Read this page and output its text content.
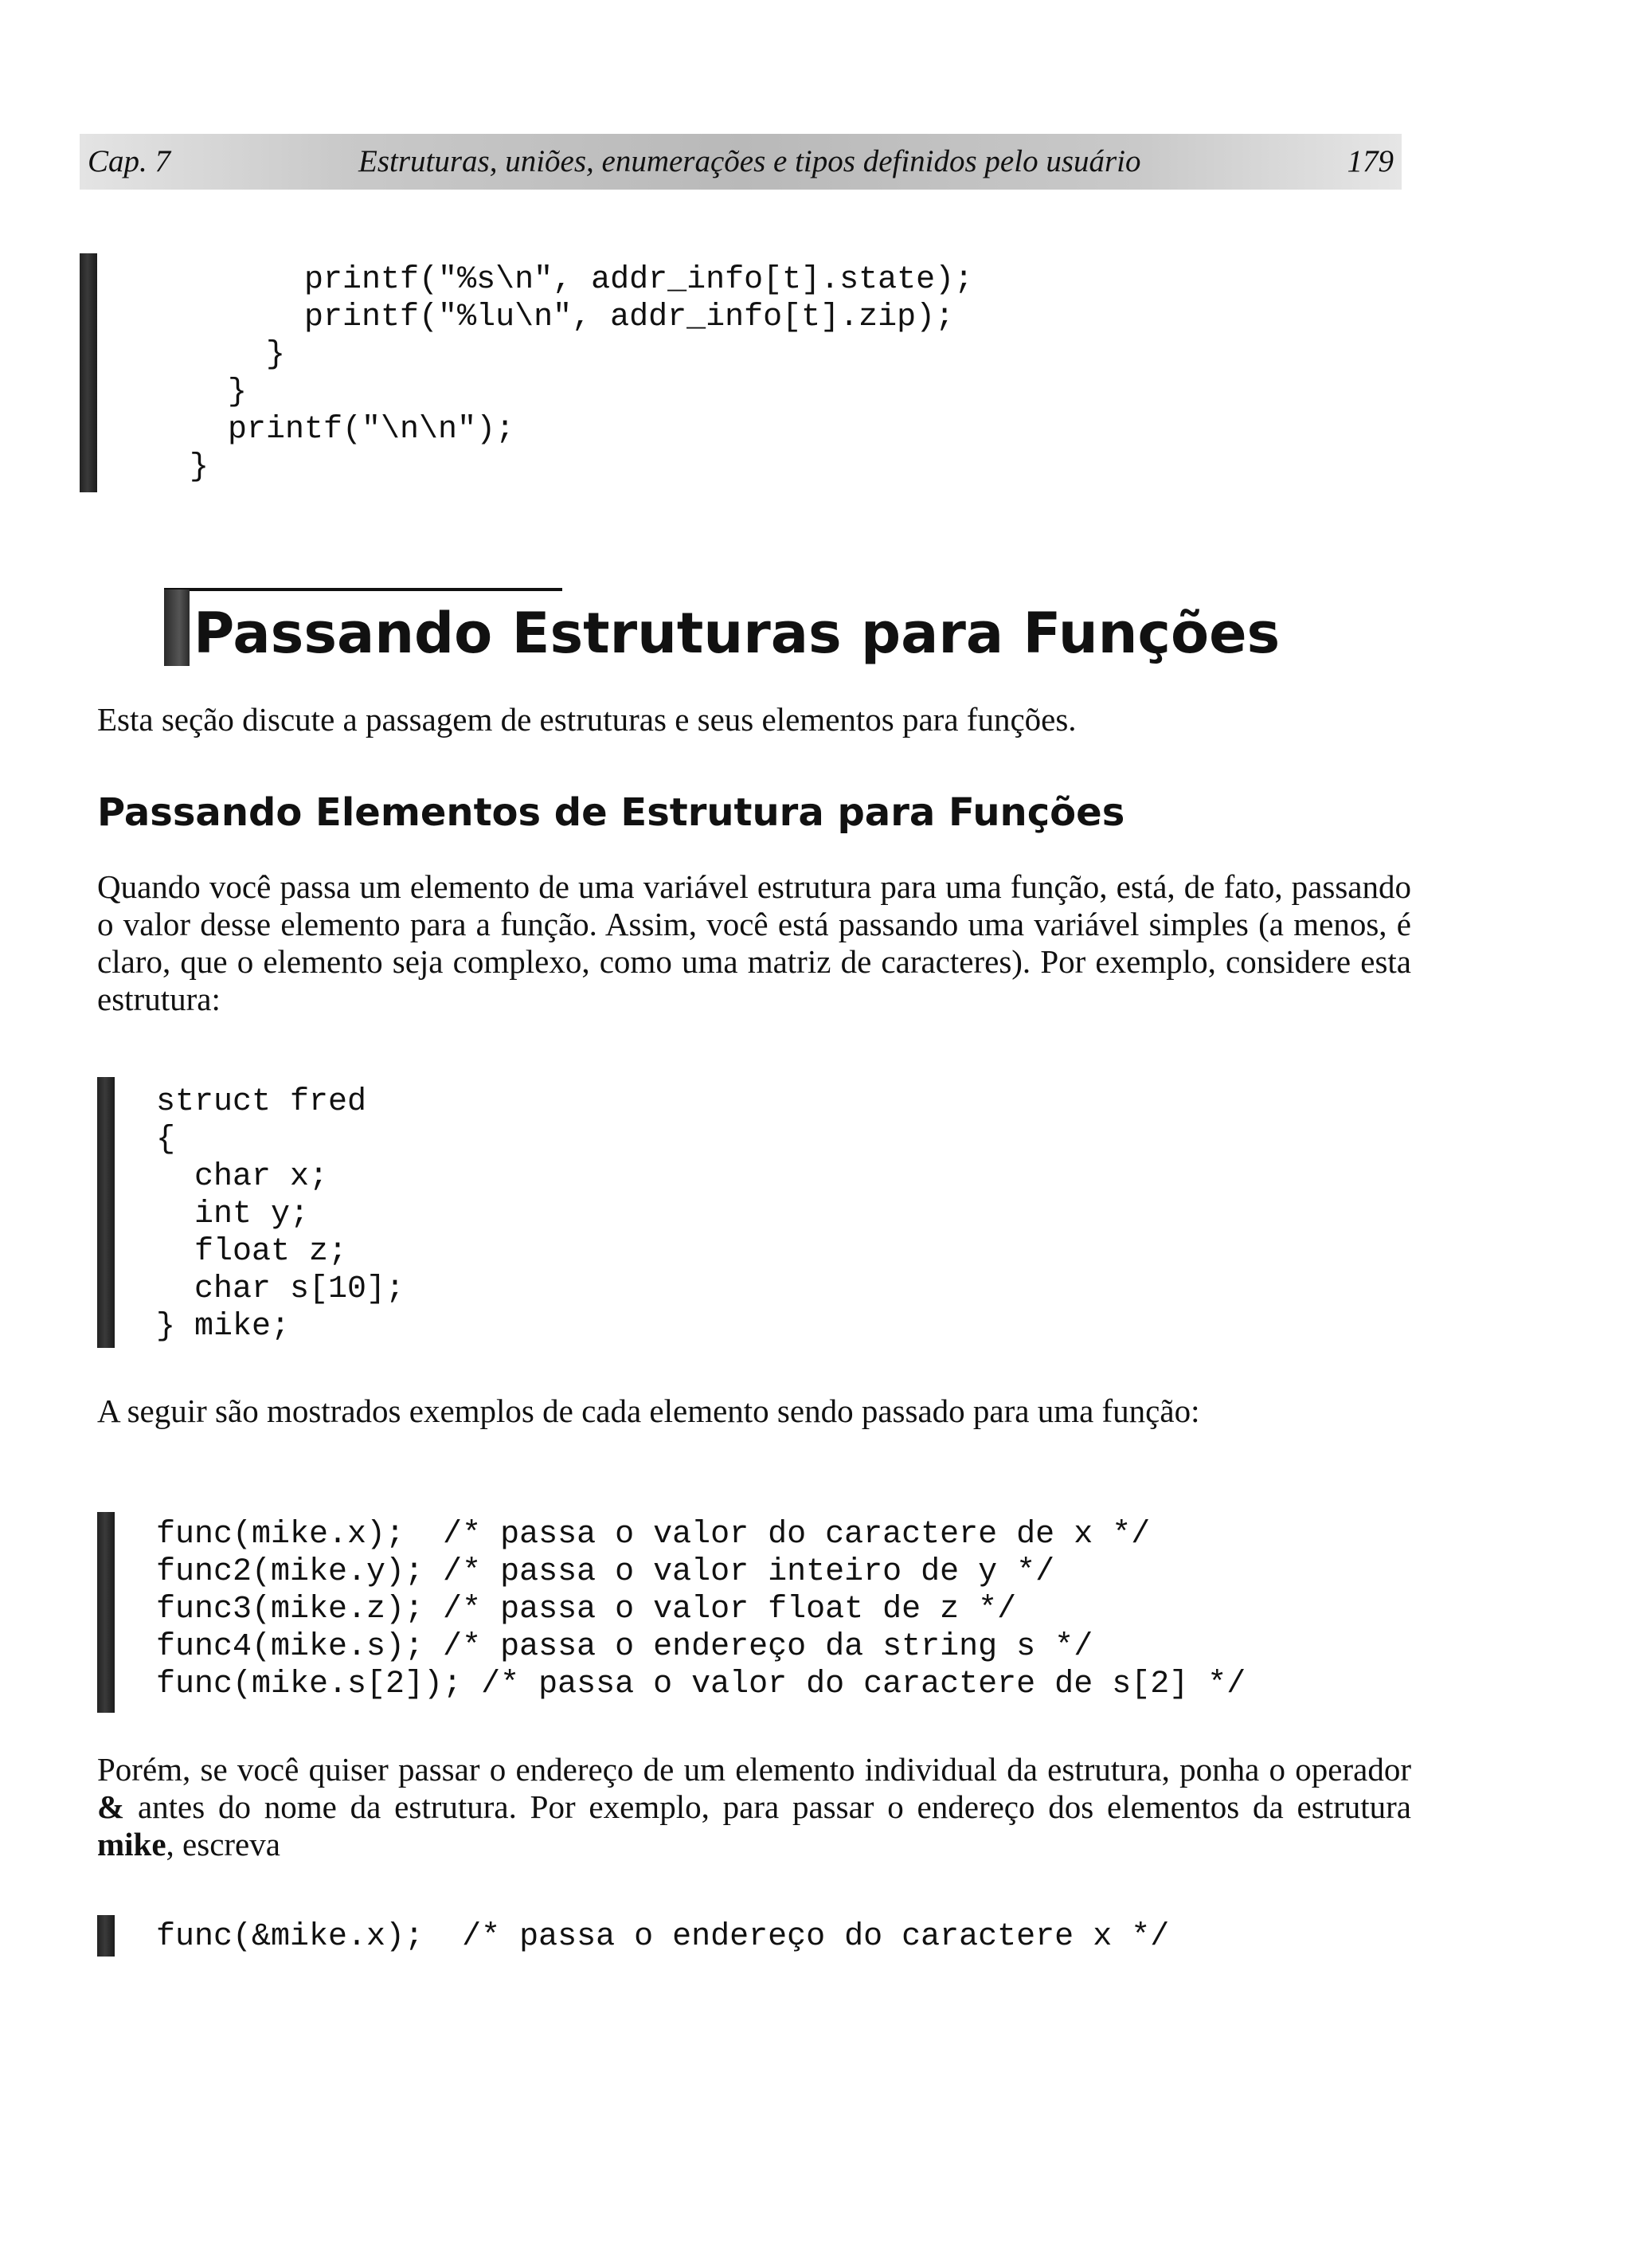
Cap. 7	Estruturas, uniões, enumerações e tipos definidos pelo usuário	179
printf("%s\n", addr_info[t].state);
printf("%lu\n", addr_info[t].zip);
}
}
printf("\n\n");
}
Passando Estruturas para Funções

Esta seção discute a passagem de estruturas e seus elementos para funções.

Passando Elementos de Estrutura para Funções

Quando você passa um elemento de uma variável estrutura para uma função, está, de fato, passando o valor desse elemento para a função. Assim, você está passando uma variável simples (a menos, é claro, que o elemento seja complexo, como uma matriz de caracteres). Por exemplo, considere esta estrutura:

struct fred
{
char x;
int y;
float z;
char s[10];
} mike;

A seguir são mostrados exemplos de cada elemento sendo passado para uma função:

func(mike.x);  /* passa o valor do caractere de x */
func2(mike.y); /* passa o valor inteiro de y */
func3(mike.z); /* passa o valor float de z */
func4(mike.s); /* passa o endereço da string s */
func(mike.s[2]); /* passa o valor do caractere de s[2] */

Porém, se você quiser passar o endereço de um elemento individual da estrutura, ponha o operador & antes do nome da estrutura. Por exemplo, para passar o endereço dos elementos da estrutura mike, escreva

func(&mike.x);  /* passa o endereço do caractere x */
